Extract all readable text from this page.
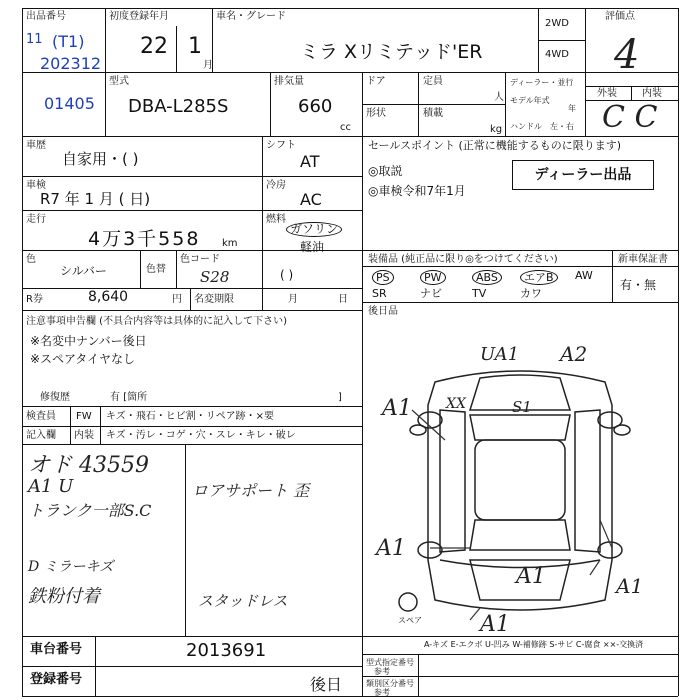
出品番号
11 (T1)
202312
01405
初度登録年月
22 1
月
車名・グレード
ミラ Xリミテッド'ER
2WD
4WD
評価点
4
型式
DBA-L285S
排気量
660
cc
ドア
形状
定員
人
積載
kg
ディーラー・並行
モデル年式
年
ハンドル 左・右
外装	内装
C C
車歴
自家用・( )
シフト
AT
車検
R7 年 1 月 ( 日)
冷房
AC
走行
4万3千558 km
燃料
ガソリン
軽油
色
シルバー	色替
色コード
S28	( )
R券	8,640	円 名変期限	月	日
セールスポイント (正常に機能するものに限ります)
◎取説
◎車検令和7年1月
ディーラー出品
注意事項申告欄 (不具合内容等は具体的に記入して下さい)
※名変中ナンバー後日
※スペアタイヤなし
修復歴	有 [箇所	]
装備品 (純正品に限り◎をつけてください)	新車保証書
PS	PW	ABS	エアB	AW
SR	ナビ	TV	カワ
有・無
後日品
検査員
記入欄
FW キズ・飛石・ヒビ割・リペア跡・×要
内装 キズ・汚レ・コゲ・穴・スレ・キレ・破レ
オド 43559
A1 U
トランク一部S.C
D ミラーキズ
鉄粉付着
ロアサポート 歪
スタッドレス
UA1 A2
A1 XX	S1
A1
A1	A1
A1
スペア
A-キズ E-エクボ U-凹み W-補修跡 S-サビ C-腐食 ××-交換済
型式指定番号
参考
類別区分番号
参考
車台番号	2013691
登録番号	後日
